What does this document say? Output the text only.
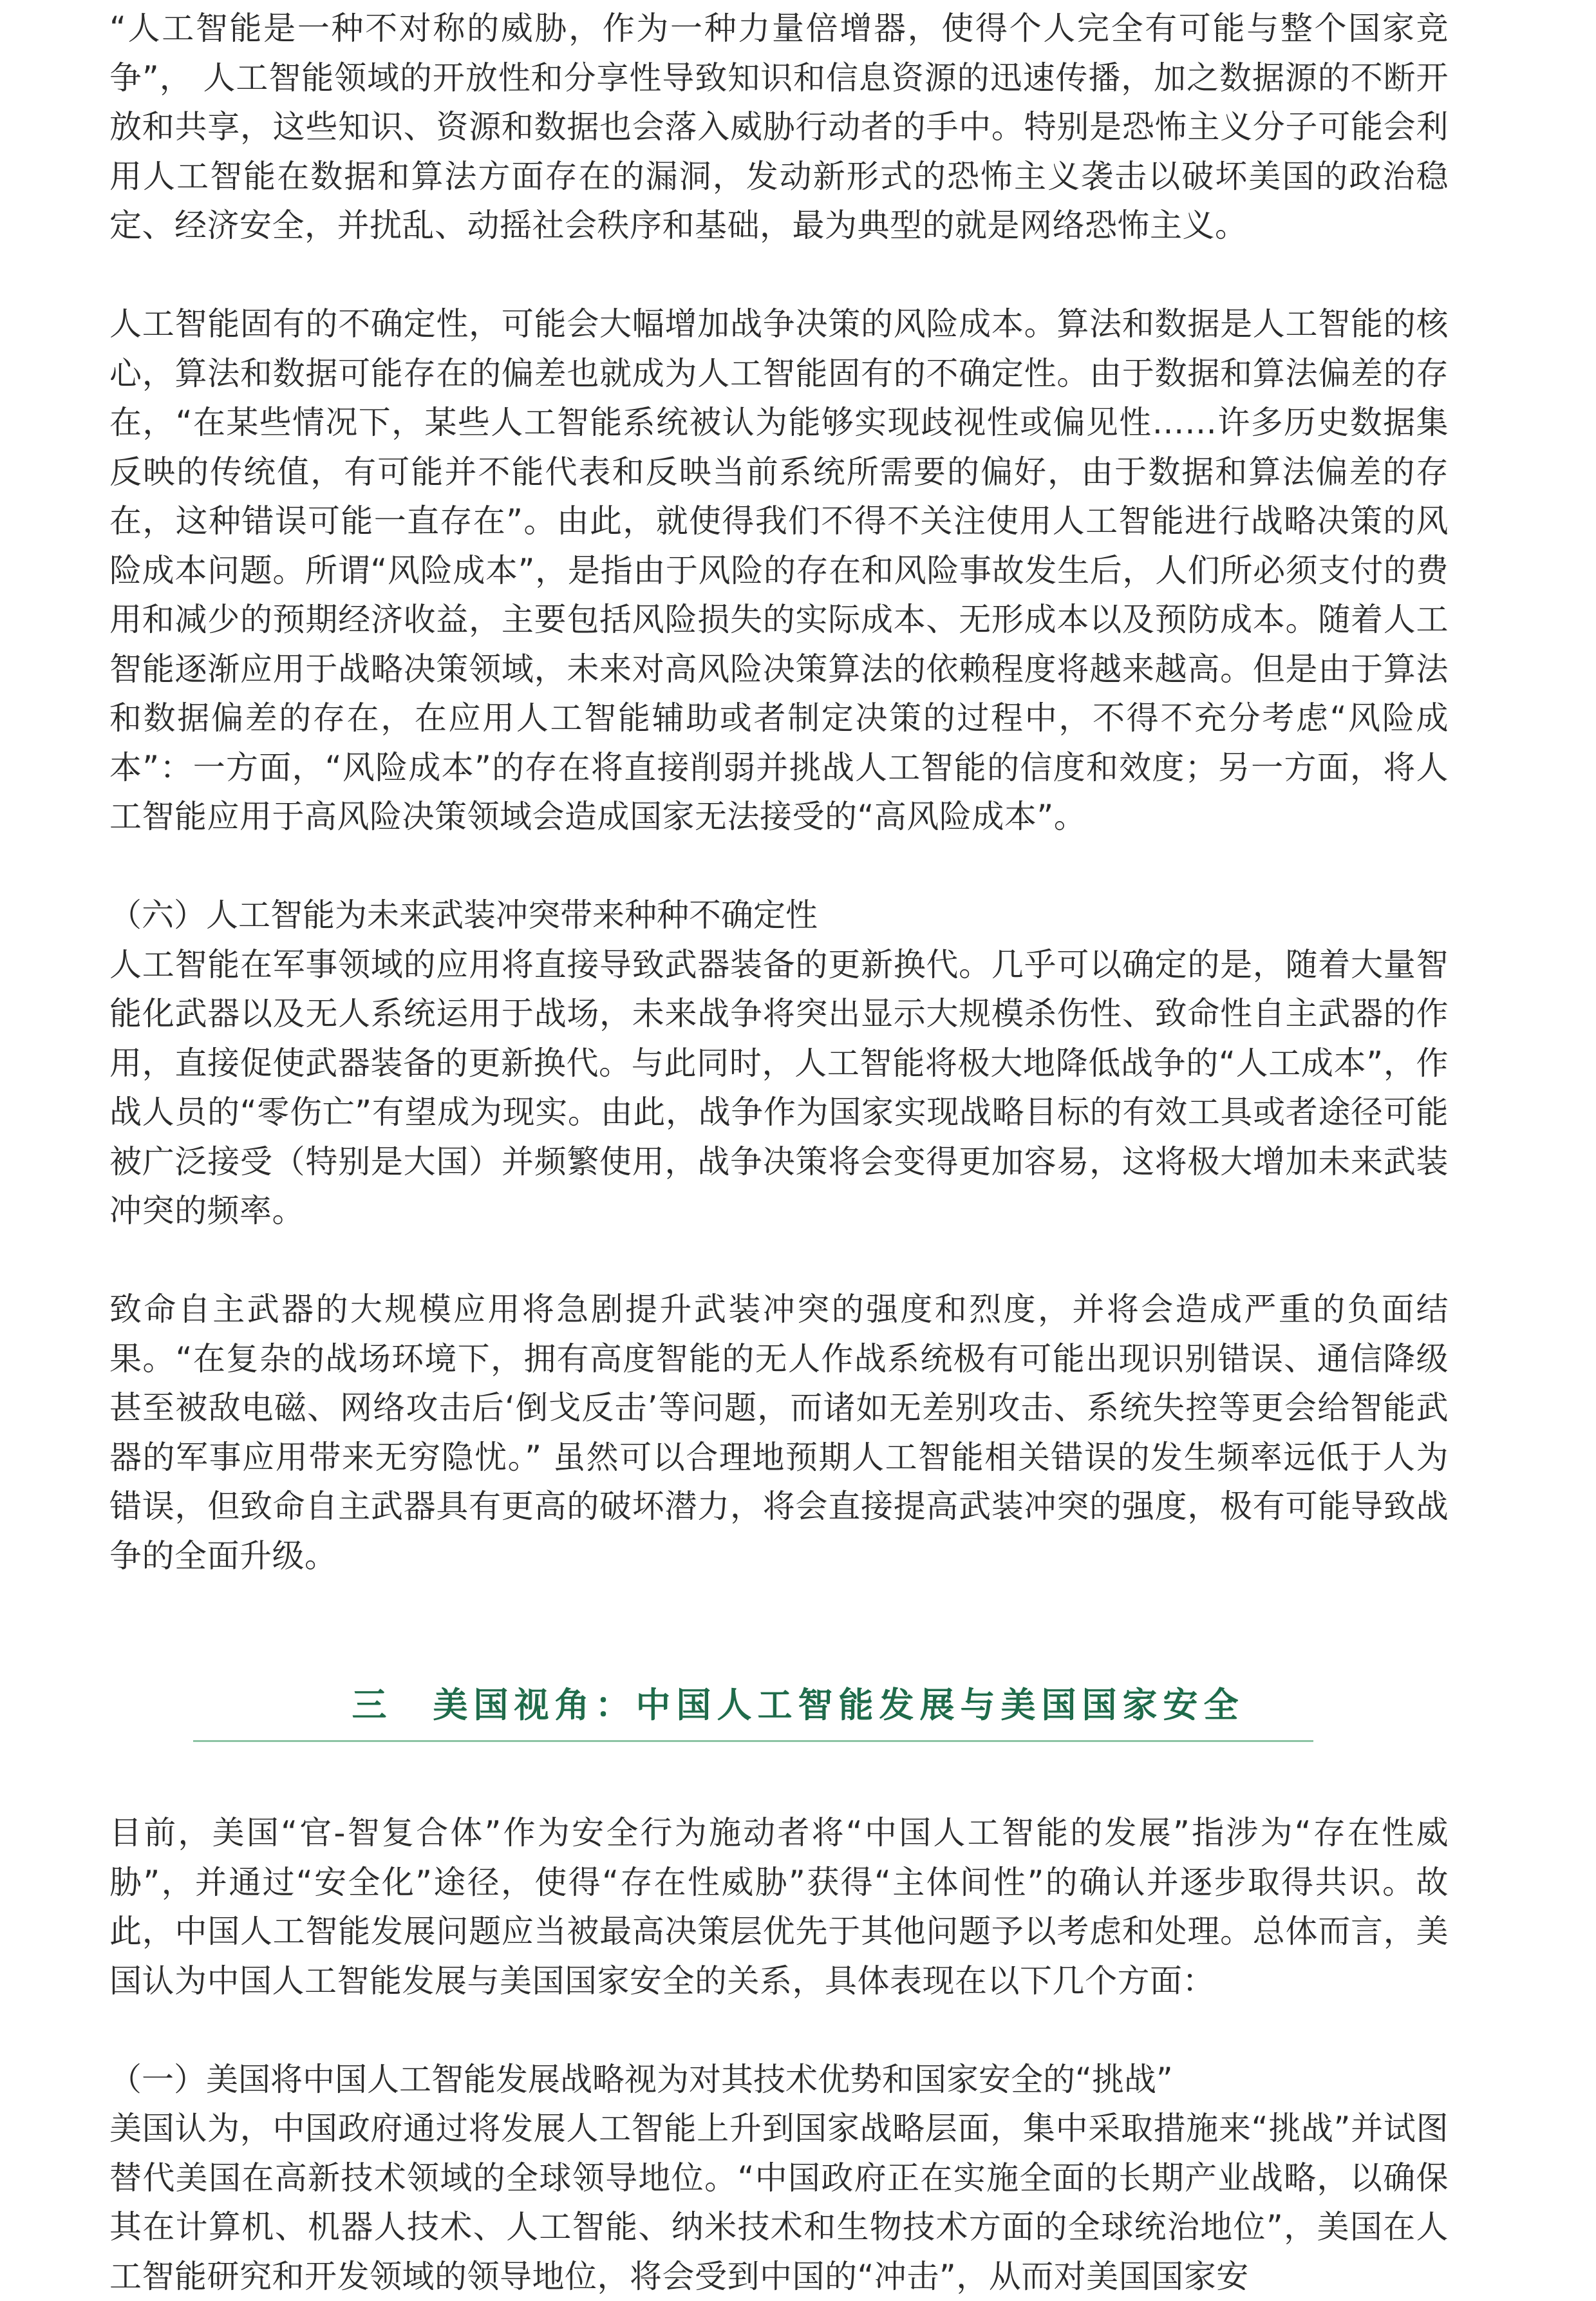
“人工智能是一种不对称的威胁，作为一种力量倍增器，使得个人完全有可能与整个国家竞争”， 人工智能领域的开放性和分享性导致知识和信息资源的迅速传播，加之数据源的不断开放和共享，这些知识、资源和数据也会落入威胁行动者的手中。特别是恐怖主义分子可能会利用人工智能在数据和算法方面存在的漏洞，发动新形式的恐怖主义袭击以破坏美国的政治稳定、经济安全，并扰乱、动摇社会秩序和基础，最为典型的就是网络恐怖主义。

人工智能固有的不确定性，可能会大幅增加战争决策的风险成本。算法和数据是人工智能的核心，算法和数据可能存在的偏差也就成为人工智能固有的不确定性。由于数据和算法偏差的存在，“在某些情况下，某些人工智能系统被认为能够实现歧视性或偏见性……许多历史数据集反映的传统值，有可能并不能代表和反映当前系统所需要的偏好，由于数据和算法偏差的存在，这种错误可能一直存在”。由此，就使得我们不得不关注使用人工智能进行战略决策的风险成本问题。所谓“风险成本”，是指由于风险的存在和风险事故发生后，人们所必须支付的费用和减少的预期经济收益，主要包括风险损失的实际成本、无形成本以及预防成本。随着人工智能逐渐应用于战略决策领域，未来对高风险决策算法的依赖程度将越来越高。但是由于算法和数据偏差的存在，在应用人工智能辅助或者制定决策的过程中，不得不充分考虑“风险成本”：一方面，“风险成本”的存在将直接削弱并挑战人工智能的信度和效度；另一方面，将人工智能应用于高风险决策领域会造成国家无法接受的“高风险成本”。

（六）人工智能为未来武装冲突带来种种不确定性

人工智能在军事领域的应用将直接导致武器装备的更新换代。几乎可以确定的是，随着大量智能化武器以及无人系统运用于战场，未来战争将突出显示大规模杀伤性、致命性自主武器的作用，直接促使武器装备的更新换代。与此同时，人工智能将极大地降低战争的“人工成本”，作战人员的“零伤亡”有望成为现实。由此，战争作为国家实现战略目标的有效工具或者途径可能被广泛接受（特别是大国）并频繁使用，战争决策将会变得更加容易，这将极大增加未来武装冲突的频率。

致命自主武器的大规模应用将急剧提升武装冲突的强度和烈度，并将会造成严重的负面结果。“在复杂的战场环境下，拥有高度智能的无人作战系统极有可能出现识别错误、通信降级甚至被敌电磁、网络攻击后‘倒戈反击’等问题，而诸如无差别攻击、系统失控等更会给智能武器的军事应用带来无穷隐忧。” 虽然可以合理地预期人工智能相关错误的发生频率远低于人为错误，但致命自主武器具有更高的破坏潜力，将会直接提高武装冲突的强度，极有可能导致战争的全面升级。

三　美国视角：中国人工智能发展与美国国家安全

目前，美国“官-智复合体”作为安全行为施动者将“中国人工智能的发展”指涉为“存在性威胁”，并通过“安全化”途径，使得“存在性威胁”获得“主体间性”的确认并逐步取得共识。故此，中国人工智能发展问题应当被最高决策层优先于其他问题予以考虑和处理。总体而言，美国认为中国人工智能发展与美国国家安全的关系，具体表现在以下几个方面：

（一）美国将中国人工智能发展战略视为对其技术优势和国家安全的“挑战”

美国认为，中国政府通过将发展人工智能上升到国家战略层面，集中采取措施来“挑战”并试图替代美国在高新技术领域的全球领导地位。“中国政府正在实施全面的长期产业战略，以确保其在计算机、机器人技术、人工智能、纳米技术和生物技术方面的全球统治地位”，美国在人工智能研究和开发领域的领导地位，将会受到中国的“冲击”，从而对美国国家安
